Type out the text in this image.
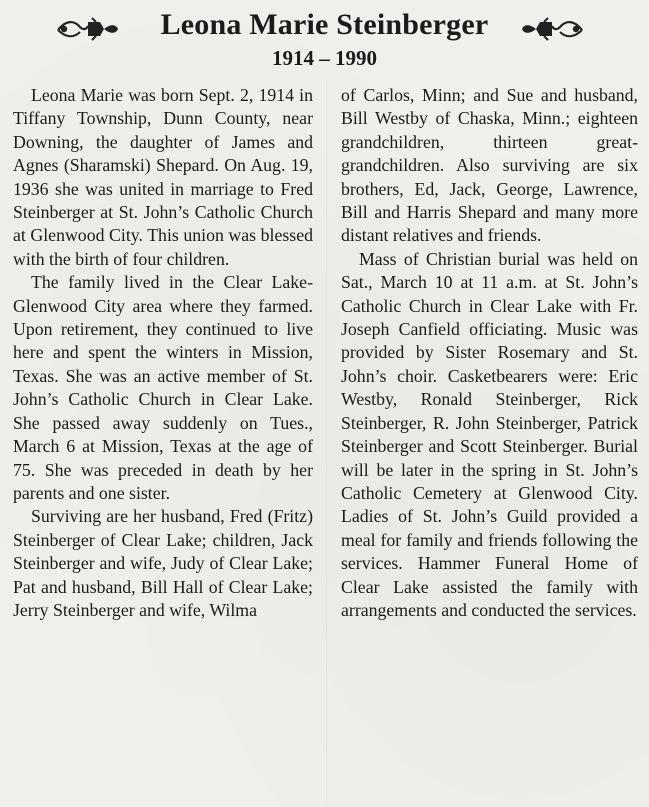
Leona Marie Steinberger
1914 – 1990

Leona Marie was born Sept. 2, 1914 in Tiffany Township, Dunn County, near Downing, the daughter of James and Agnes (Sharamski) Shepard. On Aug. 19, 1936 she was united in marriage to Fred Steinberger at St. John’s Catholic Church at Glenwood City. This union was blessed with the birth of four children.

The family lived in the Clear Lake-Glenwood City area where they farmed. Upon retirement, they continued to live here and spent the winters in Mission, Texas. She was an active member of St. John’s Catholic Church in Clear Lake. She passed away suddenly on Tues., March 6 at Mission, Texas at the age of 75. She was preceded in death by her parents and one sister.

Surviving are her husband, Fred (Fritz) Steinberger of Clear Lake; children, Jack Steinberger and wife, Judy of Clear Lake; Pat and husband, Bill Hall of Clear Lake; Jerry Steinberger and wife, Wilma

of Carlos, Minn; and Sue and husband, Bill Westby of Chaska, Minn.; eighteen grandchildren, thirteen great-grandchildren. Also surviving are six brothers, Ed, Jack, George, Lawrence, Bill and Harris Shepard and many more distant relatives and friends.

Mass of Christian burial was held on Sat., March 10 at 11 a.m. at St. John’s Catholic Church in Clear Lake with Fr. Joseph Canfield officiating. Music was provided by Sister Rosemary and St. John’s choir. Casketbearers were: Eric Westby, Ronald Steinberger, Rick Steinberger, R. John Steinberger, Patrick Steinberger and Scott Steinberger. Burial will be later in the spring in St. John’s Catholic Cemetery at Glenwood City. Ladies of St. John’s Guild provided a meal for family and friends following the services. Hammer Funeral Home of Clear Lake assisted the family with arrangements and conducted the services.
